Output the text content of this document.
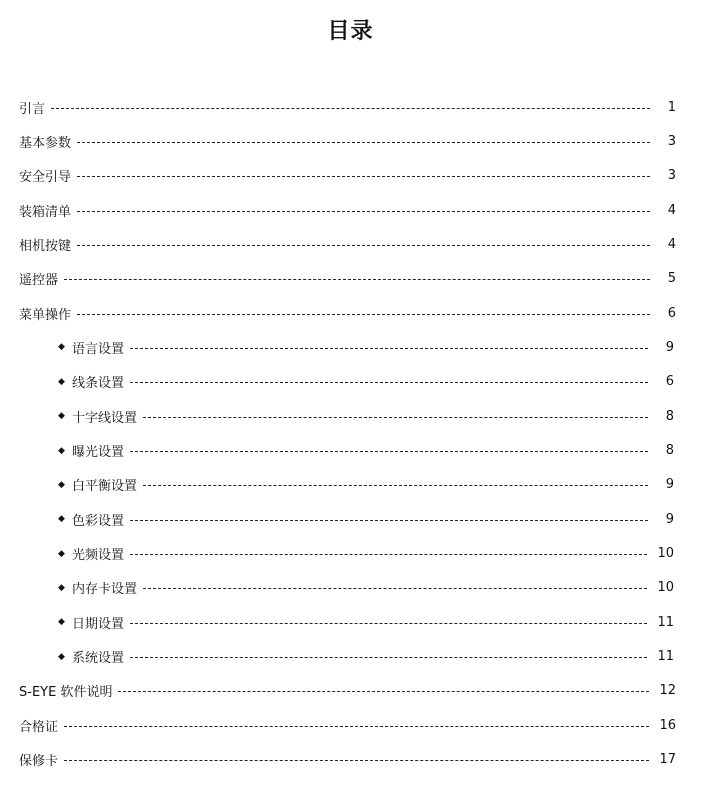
目录
引言	1
基本参数	3
安全引导	3
装箱清单	4
相机按键	4
遥控器	5
菜单操作	6
◆ 语言设置	9
◆ 线条设置	6
◆ 十字线设置	8
◆ 曝光设置	8
◆ 白平衡设置	9
◆ 色彩设置	9
◆ 光频设置	10
◆ 内存卡设置	10
◆ 日期设置	11
◆ 系统设置	11
S-EYE 软件说明	12
合格证	16
保修卡	17
